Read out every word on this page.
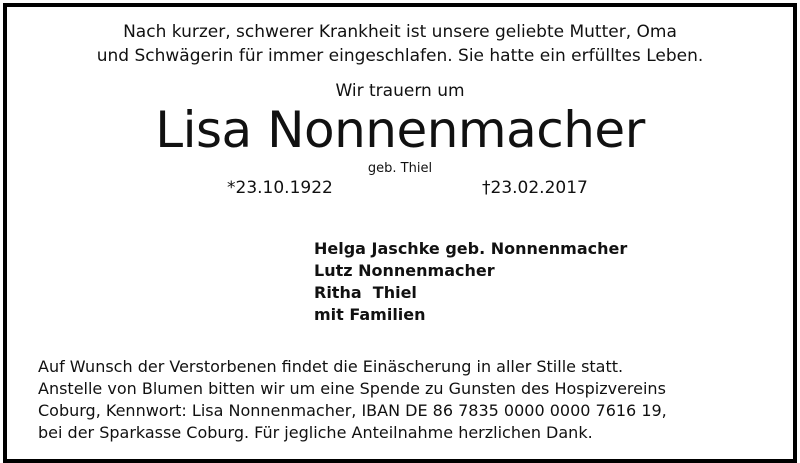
Nach kurzer, schwerer Krankheit ist unsere geliebte Mutter, Oma
und Schwägerin für immer eingeschlafen. Sie hatte ein erfülltes Leben.
Wir trauern um
Lisa Nonnenmacher
geb. Thiel
*23.10.1922	†23.02.2017
Helga Jaschke geb. Nonnenmacher
Lutz Nonnenmacher
Ritha  Thiel
mit Familien
Auf Wunsch der Verstorbenen findet die Einäscherung in aller Stille statt.
Anstelle von Blumen bitten wir um eine Spende zu Gunsten des Hospizvereins
Coburg, Kennwort: Lisa Nonnenmacher, IBAN DE 86 7835 0000 0000 7616 19,
bei der Sparkasse Coburg. Für jegliche Anteilnahme herzlichen Dank.
